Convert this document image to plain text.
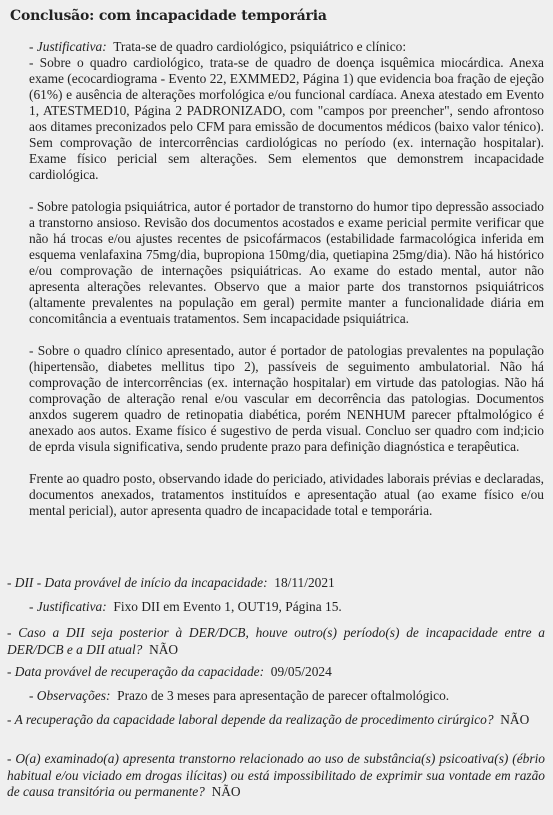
Conclusão: com incapacidade temporária

- Justificativa: Trata-se de quadro cardiológico, psiquiátrico e clínico:

- Sobre o quadro cardiológico, trata-se de quadro de doença isquêmica miocárdica. Anexa exame (ecocardiograma - Evento 22, EXMMED2, Página 1) que evidencia boa fração de ejeção (61%) e ausência de alterações morfológica e/ou funcional cardíaca. Anexa atestado em Evento 1, ATESTMED10, Página 2 PADRONIZADO, com "campos por preencher", sendo afrontoso aos ditames preconizados pelo CFM para emissão de documentos médicos (baixo valor ténico). Sem comprovação de intercorrências cardiológicas no período (ex. internação hospitalar). Exame físico pericial sem alterações. Sem elementos que demonstrem incapacidade cardiológica.

- Sobre patologia psiquiátrica, autor é portador de transtorno do humor tipo depressão associado a transtorno ansioso. Revisão dos documentos acostados e exame pericial permite verificar que não há trocas e/ou ajustes recentes de psicofármacos (estabilidade farmacológica inferida em esquema venlafaxina 75mg/dia, bupropiona 150mg/dia, quetiapina 25mg/dia). Não há histórico e/ou comprovação de internações psiquiátricas. Ao exame do estado mental, autor não apresenta alterações relevantes. Observo que a maior parte dos transtornos psiquiátricos (altamente prevalentes na população em geral) permite manter a funcionalidade diária em concomitância a eventuais tratamentos. Sem incapacidade psiquiátrica.

- Sobre o quadro clínico apresentado, autor é portador de patologias prevalentes na população (hipertensão, diabetes mellitus tipo 2), passíveis de seguimento ambulatorial. Não há comprovação de intercorrências (ex. internação hospitalar) em virtude das patologias. Não há comprovação de alteração renal e/ou vascular em decorrência das patologias. Documentos anxdos sugerem quadro de retinopatia diabética, porém NENHUM parecer pftalmológico é anexado aos autos. Exame físico é sugestivo de perda visual. Concluo ser quadro com ind;icio de eprda visula significativa, sendo prudente prazo para definição diagnóstica e terapêutica.

Frente ao quadro posto, observando idade do periciado, atividades laborais prévias e declaradas, documentos anexados, tratamentos instituídos e apresentação atual (ao exame físico e/ou mental pericial), autor apresenta quadro de incapacidade total e temporária.

- DII - Data provável de início da incapacidade: 18/11/2021
- Justificativa: Fixo DII em Evento 1, OUT19, Página 15.
- Caso a DII seja posterior à DER/DCB, houve outro(s) período(s) de incapacidade entre a DER/DCB e a DII atual? NÃO
- Data provável de recuperação da capacidade: 09/05/2024
- Observações: Prazo de 3 meses para apresentação de parecer oftalmológico.
- A recuperação da capacidade laboral depende da realização de procedimento cirúrgico? NÃO
- O(a) examinado(a) apresenta transtorno relacionado ao uso de substância(s) psicoativa(s) (ébrio habitual e/ou viciado em drogas ilícitas) ou está impossibilitado de exprimir sua vontade em razão de causa transitória ou permanente? NÃO
